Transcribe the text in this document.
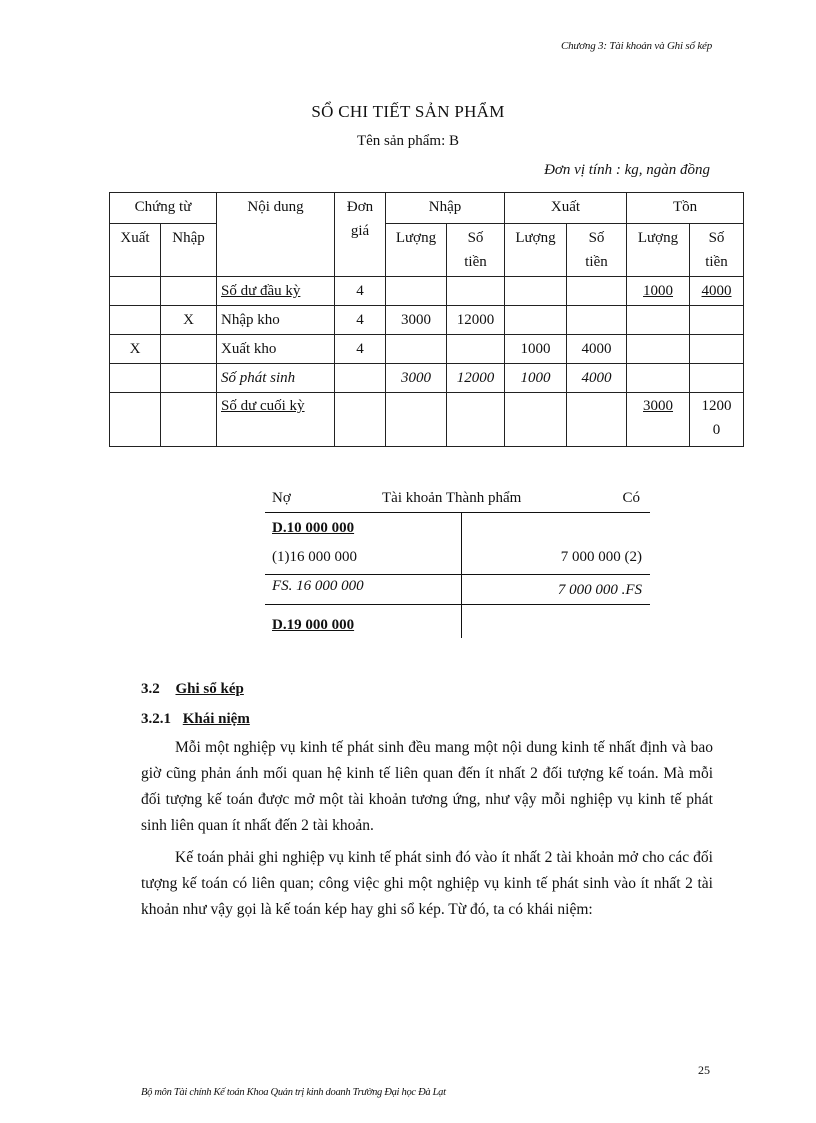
Chương 3: Tài khoản và Ghi sổ kép
SỔ CHI TIẾT SẢN PHẨM
Tên sản phẩm: B
Đơn vị tính : kg, ngàn đồng
Chứng từ		Nội dung	Đơn giá	Nhập		Xuất		Tồn	
Xuất	Nhập			Lượng	Số tiền	Lượng	Số tiền	Lượng	Số tiền
		Số dư đầu kỳ	4					1000	4000
	X	Nhập kho	4	3000	12000				
X		Xuất kho	4			1000	4000		
		Số phát sinh		3000	12000	1000	4000		
		Số dư cuối kỳ						3000	12000
Nợ	Tài khoản Thành phẩm	Có
D.10 000 000
(1)16 000 000	7 000 000 (2)
FS. 16 000 000	7 000 000 .FS
D.19 000 000
3.2 Ghi sổ kép
3.2.1 Khái niệm

Mỗi một nghiệp vụ kinh tế phát sinh đều mang một nội dung kinh tế nhất định và bao giờ cũng phản ánh mối quan hệ kinh tế liên quan đến ít nhất 2 đối tượng kế toán. Mà mỗi đối tượng kế toán được mở một tài khoản tương ứng, như vậy mỗi nghiệp vụ kinh tế phát sinh liên quan ít nhất đến 2 tài khoản.

Kế toán phải ghi nghiệp vụ kinh tế phát sinh đó vào ít nhất 2 tài khoản mở cho các đối tượng kế toán có liên quan; công việc ghi một nghiệp vụ kinh tế phát sinh vào ít nhất 2 tài khoản như vậy gọi là kế toán kép hay ghi sổ kép. Từ đó, ta có khái niệm:

25
Bộ môn Tài chính Kế toán Khoa Quản trị kinh doanh Trường Đại học Đà Lạt
